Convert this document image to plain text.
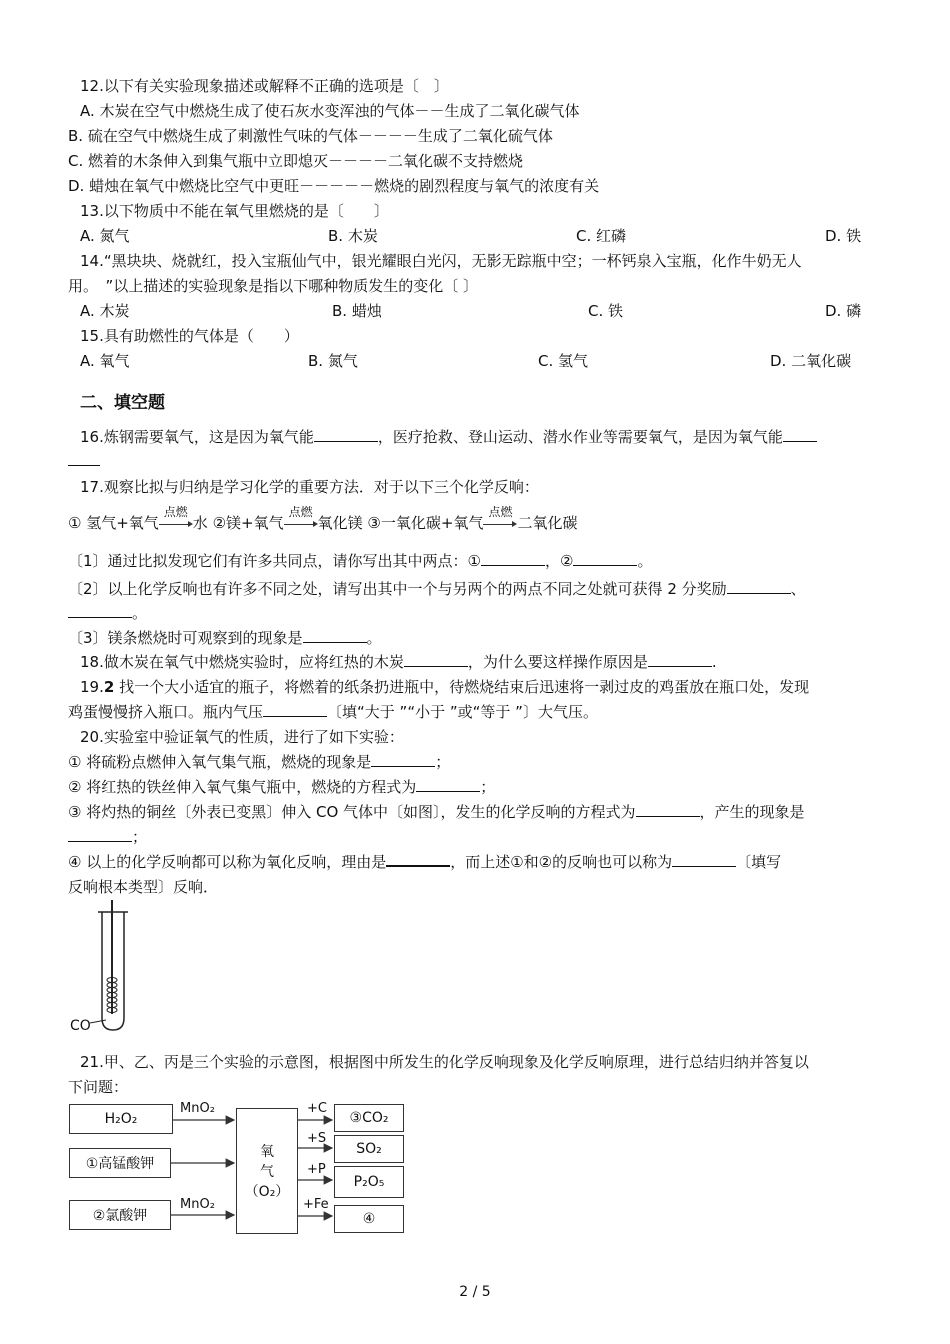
12.以下有关实验现象描述或解释不正确的选项是〔　〕
A. 木炭在空气中燃烧生成了使石灰水变浑浊的气体－－生成了二氧化碳气体
B. 硫在空气中燃烧生成了刺激性气味的气体－－－－生成了二氧化硫气体
C. 燃着的木条伸入到集气瓶中立即熄灭－－－－二氧化碳不支持燃烧
D. 蜡烛在氧气中燃烧比空气中更旺－－－－－燃烧的剧烈程度与氧气的浓度有关
13.以下物质中不能在氧气里燃烧的是〔　　〕
A. 氮气	B. 木炭	C. 红磷	D. 铁
14.“黑块块、烧就红，投入宝瓶仙气中，银光耀眼白光闪，无影无踪瓶中空；一杯钙泉入宝瓶，化作牛奶无人
用。　”以上描述的实验现象是指以下哪种物质发生的变化〔 〕
A. 木炭	B. 蜡烛	C. 铁	D. 磷
15.具有助燃性的气体是（　　）
A. 氧气	B. 氮气	C. 氢气	D. 二氧化碳
二、填空题
16.炼钢需要氧气，这是因为氧气能	，医疗抢救、登山运动、潜水作业等需要氧气，是因为氧气能
17.观察比拟与归纳是学习化学的重要方法．对于以下三个化学反响：
① 氢气+氧气
点燃
水 ②镁+氧气
点燃
氧化镁 ③一氧化碳+氧气
点燃
二氧化碳
〔1〕通过比拟发现它们有许多共同点，请你写出其中两点：①	，②	。
〔2〕以上化学反响也有许多不同之处，请写出其中一个与另两个的两点不同之处就可获得 2 分奖励	、
。
〔3〕镁条燃烧时可观察到的现象是	。
18.做木炭在氧气中燃烧实验时，应将红热的木炭	，为什么要这样操作原因是	.
19.2 找一个大小适宜的瓶子，将燃着的纸条扔进瓶中，待燃烧结束后迅速将一剥过皮的鸡蛋放在瓶口处，发现
鸡蛋慢慢挤入瓶口。瓶内气压	〔填“大于 ”“小于 ”或“等于 ”〕大气压。
20.实验室中验证氧气的性质，进行了如下实验：
① 将硫粉点燃伸入氧气集气瓶，燃烧的现象是	；
② 将红热的铁丝伸入氧气集气瓶中，燃烧的方程式为	；
③ 将灼热的铜丝〔外表已变黑〕伸入 CO 气体中〔如图〕，发生的化学反响的方程式为	，产生的现象是
；
④ 以上的化学反响都可以称为氧化反响，理由是	，而上述①和②的反响也可以称为	〔填写
反响根本类型〕反响．
CO
21.甲、乙、丙是三个实验的示意图，根据图中所发生的化学反响现象及化学反响原理，进行总结归纳并答复以
下问题：
H₂O₂
①高锰酸钾
②氯酸钾
MnO₂
MnO₂
氧
气
（O₂）
+C
+S
+P
+Fe
③CO₂
SO₂
P₂O₅
④
2 / 5
